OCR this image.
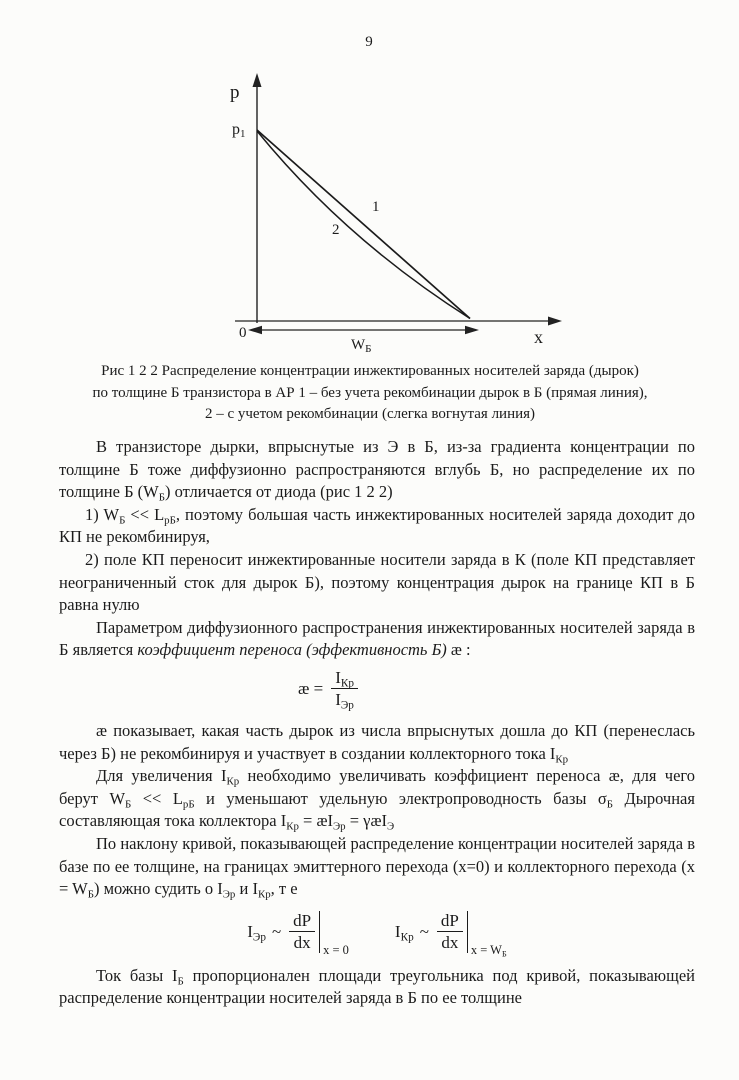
9
p
p1
0
1
2
x
$W_Б$
Рис 1 2 2 Распределение концентрации инжектированных носителей заряда (дырок)
по толщине Б транзистора в АР 1 – без учета рекомбинации дырок в Б (прямая линия),
2 – с учетом рекомбинации (слегка вогнутая линия)

В транзисторе дырки, впрыснутые из Э в Б, из-за градиента концентрации по толщине Б тоже диффузионно распространяются вглубь Б, но распределение их по толщине Б $(W_Б)$ отличается от диода (рис 1 2 2)

1) $W_Б << L_{рБ}$, поэтому большая часть инжектированных носителей заряда доходит до КП не рекомбинируя,

2) поле КП переносит инжектированные носители заряда в К (поле КП представляет неограниченный сток для дырок Б), поэтому концентрация дырок на границе КП в Б равна нулю

Параметром диффузионного распространения инжектированных носителей заряда в Б является коэффициент переноса (эффективность Б) æ :

æ = $\frac{I_{Кр}}{I_{Эр}}$

æ показывает, какая часть дырок из числа впрыснутых дошла до КП (перенеслась через Б) не рекомбинируя и участвует в создании коллекторного тока $I_{Кр}$

Для увеличения $I_{Кр}$ необходимо увеличивать коэффициент переноса æ, для чего берут $W_Б << L_{рБ}$ и уменьшают удельную электропроводность базы $\sigma_Б$ Дырочная составляющая тока коллектора $I_{Кр}$ = $æI_{Эр}$ = γæI$_Э$

По наклону кривой, показывающей распределение концентрации носителей заряда в базе по ее толщине, на границах эмиттерного перехода (x=0) и коллекторного перехода $(x = W_Б)$ можно судить о $I_{Эр}$ и $I_{Кр}$, т е

$I_{Эр}$ ~ $\frac{dP}{dx}$ x = 0
$I_{Кр}$ ~ $\frac{dP}{dx}$ $x = W_Б$

Ток базы $I_Б$ пропорционален площади треугольника под кривой, показывающей распределение концентрации носителей заряда в Б по ее толщине
